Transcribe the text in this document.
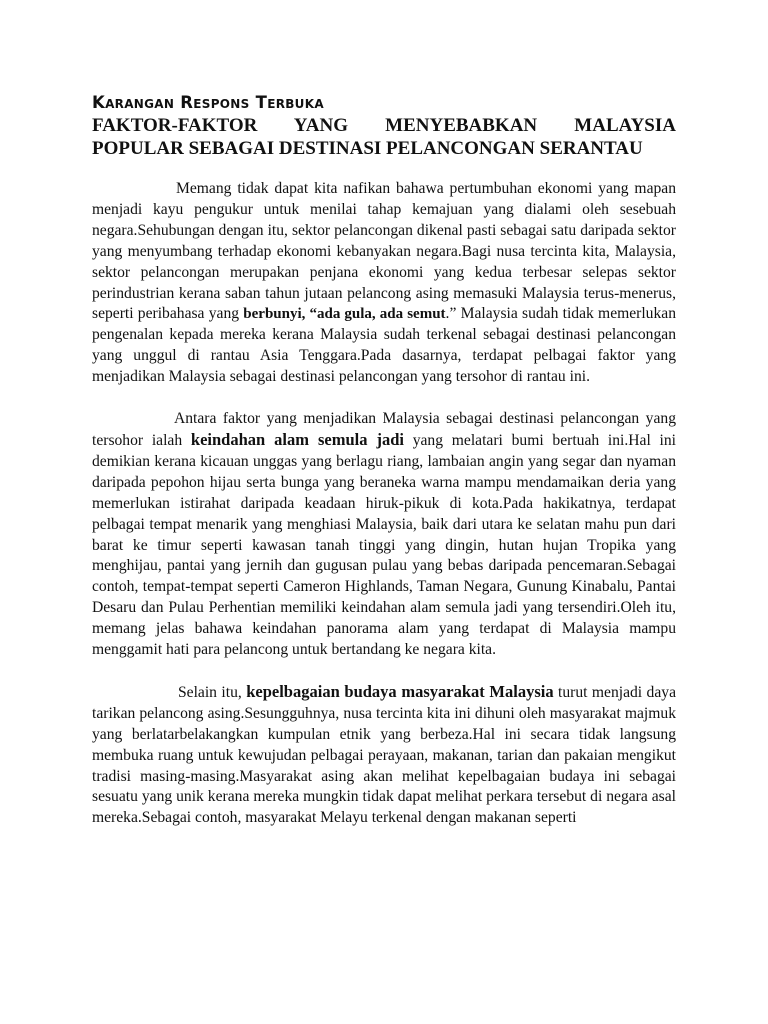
Karangan Respons Terbuka

FAKTOR-FAKTOR YANG MENYEBABKAN MALAYSIA
POPULAR SEBAGAI DESTINASI PELANCONGAN SERANTAU

Memang tidak dapat kita nafikan bahawa pertumbuhan ekonomi yang mapan menjadi kayu pengukur untuk menilai tahap kemajuan yang dialami oleh sesebuah negara.Sehubungan dengan itu, sektor pelancongan dikenal pasti sebagai satu daripada sektor yang menyumbang terhadap ekonomi kebanyakan negara.Bagi nusa tercinta kita, Malaysia, sektor pelancongan merupakan penjana ekonomi yang kedua terbesar selepas sektor perindustrian kerana saban tahun jutaan pelancong asing memasuki Malaysia terus-menerus, seperti peribahasa yang berbunyi, “ada gula, ada semut.” Malaysia sudah tidak memerlukan pengenalan kepada mereka kerana Malaysia sudah terkenal sebagai destinasi pelancongan yang unggul di rantau Asia Tenggara.Pada dasarnya, terdapat pelbagai faktor yang menjadikan Malaysia sebagai destinasi pelancongan yang tersohor di rantau ini.

Antara faktor yang menjadikan Malaysia sebagai destinasi pelancongan yang tersohor ialah keindahan alam semula jadi yang melatari bumi bertuah ini.Hal ini demikian kerana kicauan unggas yang berlagu riang, lambaian angin yang segar dan nyaman daripada pepohon hijau serta bunga yang beraneka warna mampu mendamaikan deria yang memerlukan istirahat daripada keadaan hiruk-pikuk di kota.Pada hakikatnya, terdapat pelbagai tempat menarik yang menghiasi Malaysia, baik dari utara ke selatan mahu pun dari barat ke timur seperti kawasan tanah tinggi yang dingin, hutan hujan Tropika yang menghijau, pantai yang jernih dan gugusan pulau yang bebas daripada pencemaran.Sebagai contoh, tempat-tempat seperti Cameron Highlands, Taman Negara, Gunung Kinabalu, Pantai Desaru dan Pulau Perhentian memiliki keindahan alam semula jadi yang tersendiri.Oleh itu, memang jelas bahawa keindahan panorama alam yang terdapat di Malaysia mampu menggamit hati para pelancong untuk bertandang ke negara kita.

Selain itu, kepelbagaian budaya masyarakat Malaysia turut menjadi daya tarikan pelancong asing.Sesungguhnya, nusa tercinta kita ini dihuni oleh masyarakat majmuk yang berlatarbelakangkan kumpulan etnik yang berbeza.Hal ini secara tidak langsung membuka ruang untuk kewujudan pelbagai perayaan, makanan, tarian dan pakaian mengikut tradisi masing-masing.Masyarakat asing akan melihat kepelbagaian budaya ini sebagai sesuatu yang unik kerana mereka mungkin tidak dapat melihat perkara tersebut di negara asal mereka.Sebagai contoh, masyarakat Melayu terkenal dengan makanan seperti
